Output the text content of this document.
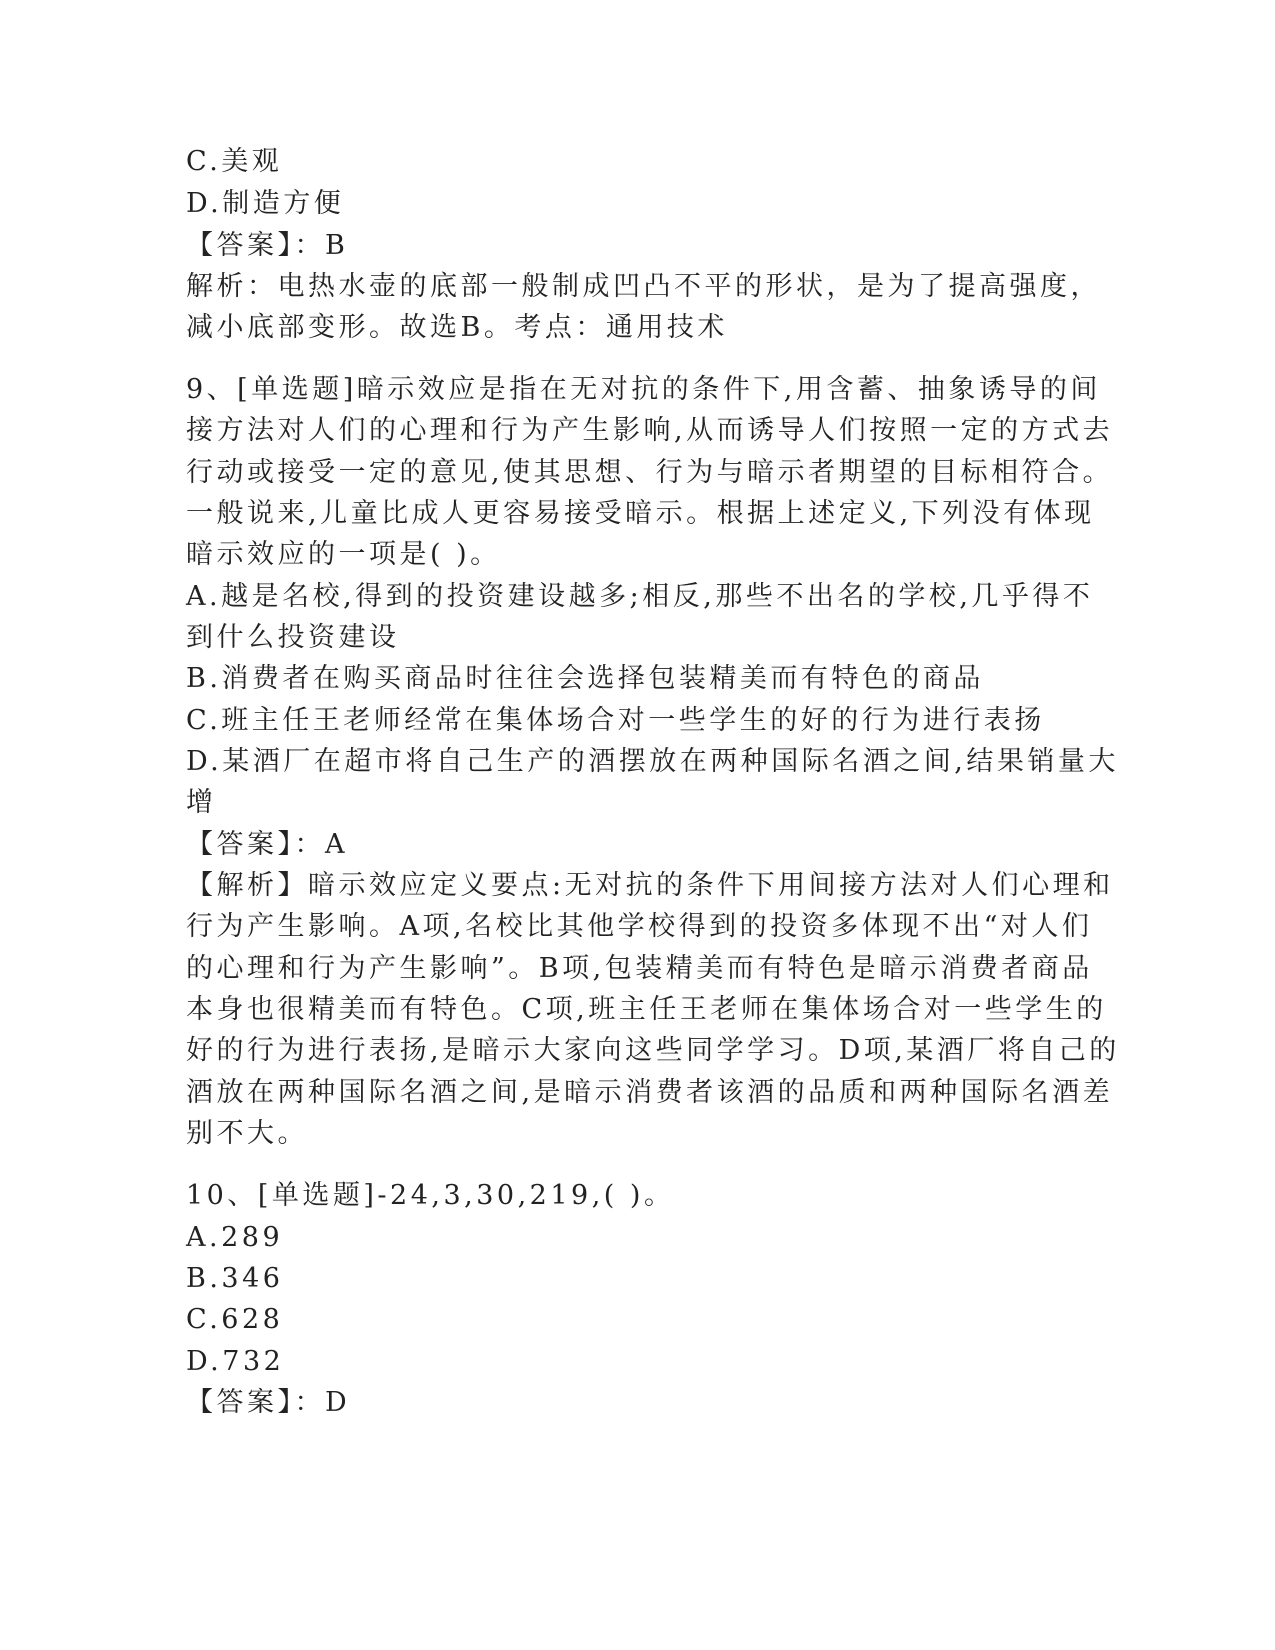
C.美观
D.制造方便
【答案】：B
解析：电热水壶的底部一般制成凹凸不平的形状，是为了提高强度，
减小底部变形。故选B。考点：通用技术
9、[单选题]暗示效应是指在无对抗的条件下,用含蓄、抽象诱导的间
接方法对人们的心理和行为产生影响,从而诱导人们按照一定的方式去
行动或接受一定的意见,使其思想、行为与暗示者期望的目标相符合。
一般说来,儿童比成人更容易接受暗示。根据上述定义,下列没有体现
暗示效应的一项是( )。
A.越是名校,得到的投资建设越多;相反,那些不出名的学校,几乎得不
到什么投资建设
B.消费者在购买商品时往往会选择包装精美而有特色的商品
C.班主任王老师经常在集体场合对一些学生的好的行为进行表扬
D.某酒厂在超市将自己生产的酒摆放在两种国际名酒之间,结果销量大
增
【答案】：A
【解析】暗示效应定义要点:无对抗的条件下用间接方法对人们心理和
行为产生影响。A项,名校比其他学校得到的投资多体现不出“对人们
的心理和行为产生影响”。B项,包装精美而有特色是暗示消费者商品
本身也很精美而有特色。C项,班主任王老师在集体场合对一些学生的
好的行为进行表扬,是暗示大家向这些同学学习。D项,某酒厂将自己的
酒放在两种国际名酒之间,是暗示消费者该酒的品质和两种国际名酒差
别不大。
10、[单选题]-24,3,30,219,( )。
A.289
B.346
C.628
D.732
【答案】：D
